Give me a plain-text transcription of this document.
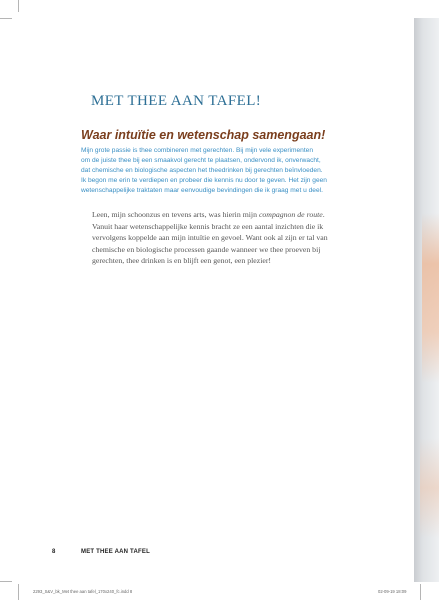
MET THEE AAN TAFEL!
Waar intuïtie en wetenschap samengaan!

Mijn grote passie is thee combineren met gerechten. Bij mijn vele experimenten
om de juiste thee bij een smaakvol gerecht te plaatsen, ondervond ik, onverwacht,
dat chemische en biologische aspecten het theedrinken bij gerechten beïnvloeden.
Ik begon me erin te verdiepen en probeer die kennis nu door te geven. Het zijn geen
wetenschappelijke traktaten maar eenvoudige bevindingen die ik graag met u deel.

Leen, mijn schoonzus en tevens arts, was hierin mijn compagnon de route.
Vanuit haar wetenschappelijke kennis bracht ze een aantal inzichten die ik
vervolgens koppelde aan mijn intuïtie en gevoel. Want ook al zijn er tal van
chemische en biologische processen gaande wanneer we thee proeven bij
gerechten, thee drinken is en blijft een genot, een plezier!

8	MET THEE AAN TAFEL

2293_S&V_bk_Met thee aan tafel_170x240_fc.indd 8	02-09-19 18:09
